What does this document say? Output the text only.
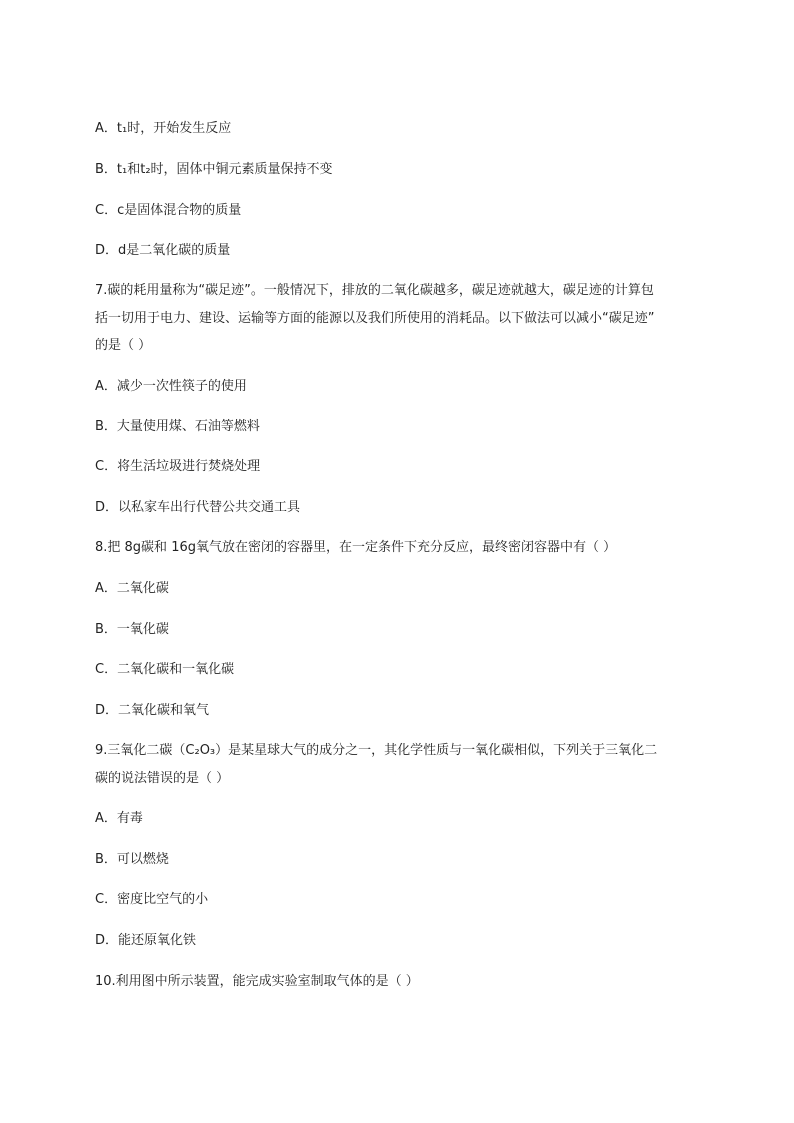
A．t₁时，开始发生反应
B．t₁和t₂时，固体中铜元素质量保持不变
C．c是固体混合物的质量
D．d是二氧化碳的质量
7.碳的耗用量称为“碳足迹”。一般情况下，排放的二氧化碳越多，碳足迹就越大，碳足迹的计算包
括一切用于电力、建设、运输等方面的能源以及我们所使用的消耗品。以下做法可以减小“碳足迹”
的是（ ）
A．减少一次性筷子的使用
B．大量使用煤、石油等燃料
C．将生活垃圾进行焚烧处理
D．以私家车出行代替公共交通工具
8.把 8g碳和 16g氧气放在密闭的容器里，在一定条件下充分反应，最终密闭容器中有（ ）
A．二氧化碳
B．一氧化碳
C．二氧化碳和一氧化碳
D．二氧化碳和氧气
9.三氧化二碳（C₂O₃）是某星球大气的成分之一，其化学性质与一氧化碳相似，下列关于三氧化二
碳的说法错误的是（ ）
A．有毒
B．可以燃烧
C．密度比空气的小
D．能还原氧化铁
10.利用图中所示装置，能完成实验室制取气体的是（ ）
